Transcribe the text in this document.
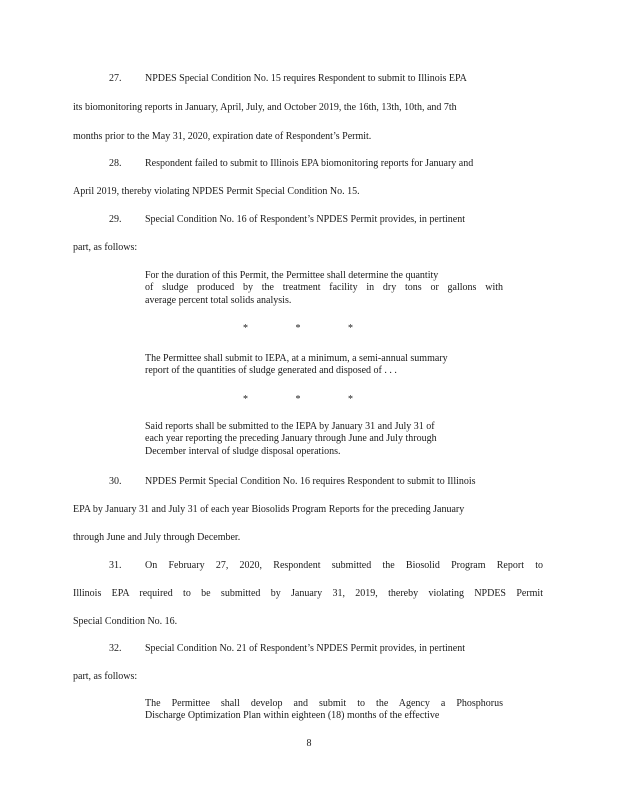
27. NPDES Special Condition No. 15 requires Respondent to submit to Illinois EPA
its biomonitoring reports in January, April, July, and October 2019, the 16th, 13th, 10th, and 7th
months prior to the May 31, 2020, expiration date of Respondent’s Permit.
28. Respondent failed to submit to Illinois EPA biomonitoring reports for January and
April 2019, thereby violating NPDES Permit Special Condition No. 15.
29. Special Condition No. 16 of Respondent’s NPDES Permit provides, in pertinent
part, as follows:
For the duration of this Permit, the Permittee shall determine the quantity
of sludge produced by the treatment facility in dry tons or gallons with
average percent total solids analysis.
*	*	*
The Permittee shall submit to IEPA, at a minimum, a semi-annual summary
report of the quantities of sludge generated and disposed of . . .
*	*	*
Said reports shall be submitted to the IEPA by January 31 and July 31 of
each year reporting the preceding January through June and July through
December interval of sludge disposal operations.
30. NPDES Permit Special Condition No. 16 requires Respondent to submit to Illinois
EPA by January 31 and July 31 of each year Biosolids Program Reports for the preceding January
through June and July through December.
31. On February 27, 2020, Respondent submitted the Biosolid Program Report to
Illinois EPA required to be submitted by January 31, 2019, thereby violating NPDES Permit
Special Condition No. 16.
32. Special Condition No. 21 of Respondent’s NPDES Permit provides, in pertinent
part, as follows:
The Permittee shall develop and submit to the Agency a Phosphorus
Discharge Optimization Plan within eighteen (18) months of the effective
8
